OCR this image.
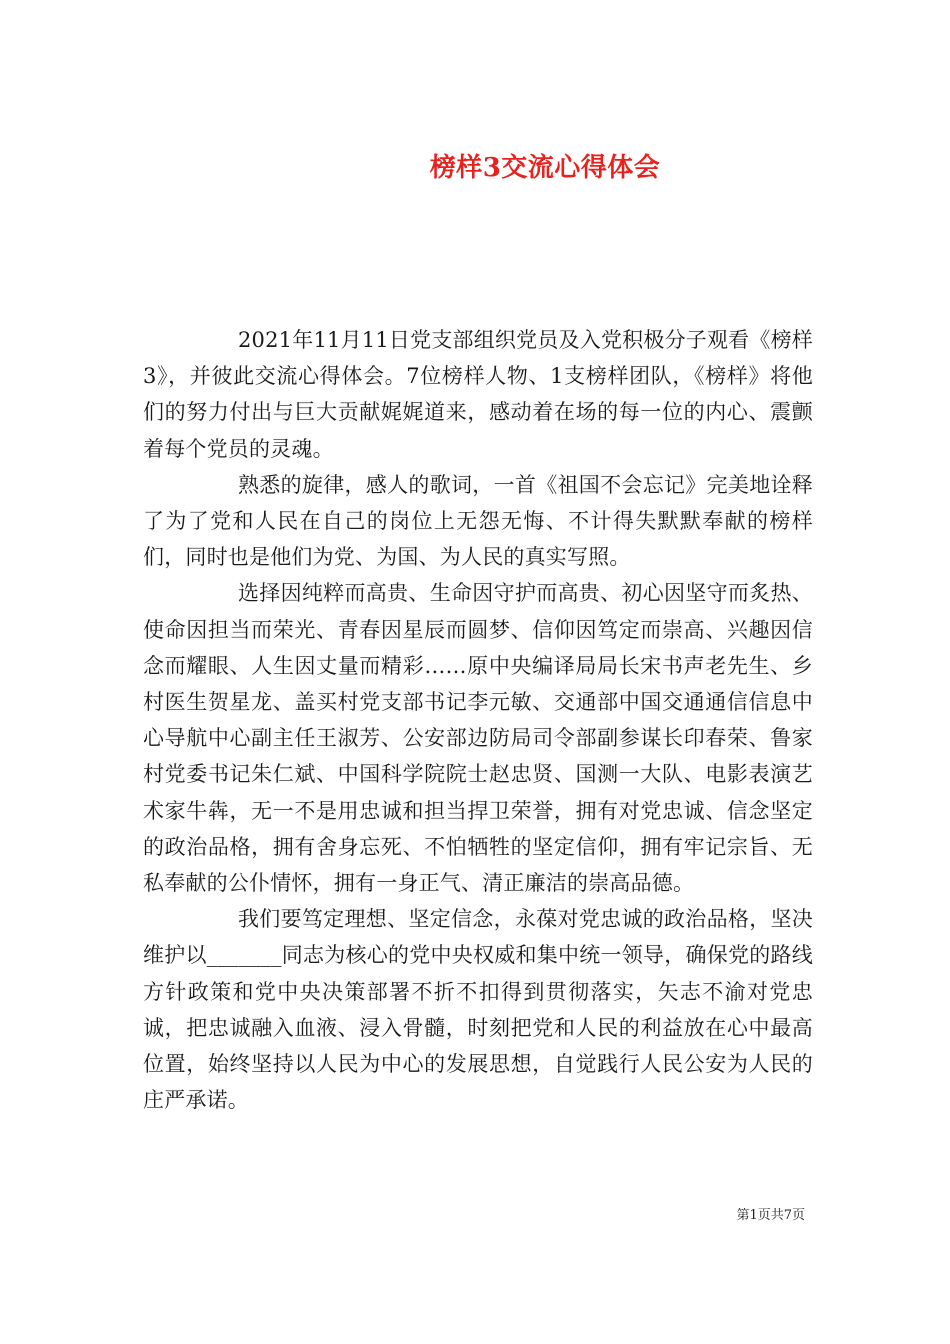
榜样3交流心得体会

2021年11月11日党支部组织党员及入党积极分子观看《榜样3》，并彼此交流心得体会。7位榜样人物、1支榜样团队，《榜样》将他们的努力付出与巨大贡献娓娓道来，感动着在场的每一位的内心、震颤着每个党员的灵魂。

熟悉的旋律，感人的歌词，一首《祖国不会忘记》完美地诠释了为了党和人民在自己的岗位上无怨无悔、不计得失默默奉献的榜样们，同时也是他们为党、为国、为人民的真实写照。

选择因纯粹而高贵、生命因守护而高贵、初心因坚守而炙热、使命因担当而荣光、青春因星辰而圆梦、信仰因笃定而崇高、兴趣因信念而耀眼、人生因丈量而精彩……原中央编译局局长宋书声老先生、乡村医生贺星龙、盖买村党支部书记李元敏、交通部中国交通通信信息中心导航中心副主任王淑芳、公安部边防局司令部副参谋长印春荣、鲁家村党委书记朱仁斌、中国科学院院士赵忠贤、国测一大队、电影表演艺术家牛犇，无一不是用忠诚和担当捍卫荣誉，拥有对党忠诚、信念坚定的政治品格，拥有舍身忘死、不怕牺牲的坚定信仰，拥有牢记宗旨、无私奉献的公仆情怀，拥有一身正气、清正廉洁的崇高品德。

我们要笃定理想、坚定信念，永葆对党忠诚的政治品格，坚决维护以_______同志为核心的党中央权威和集中统一领导，确保党的路线方针政策和党中央决策部署不折不扣得到贯彻落实，矢志不渝对党忠诚，把忠诚融入血液、浸入骨髓，时刻把党和人民的利益放在心中最高位置，始终坚持以人民为中心的发展思想，自觉践行人民公安为人民的庄严承诺。

第1页共7页
